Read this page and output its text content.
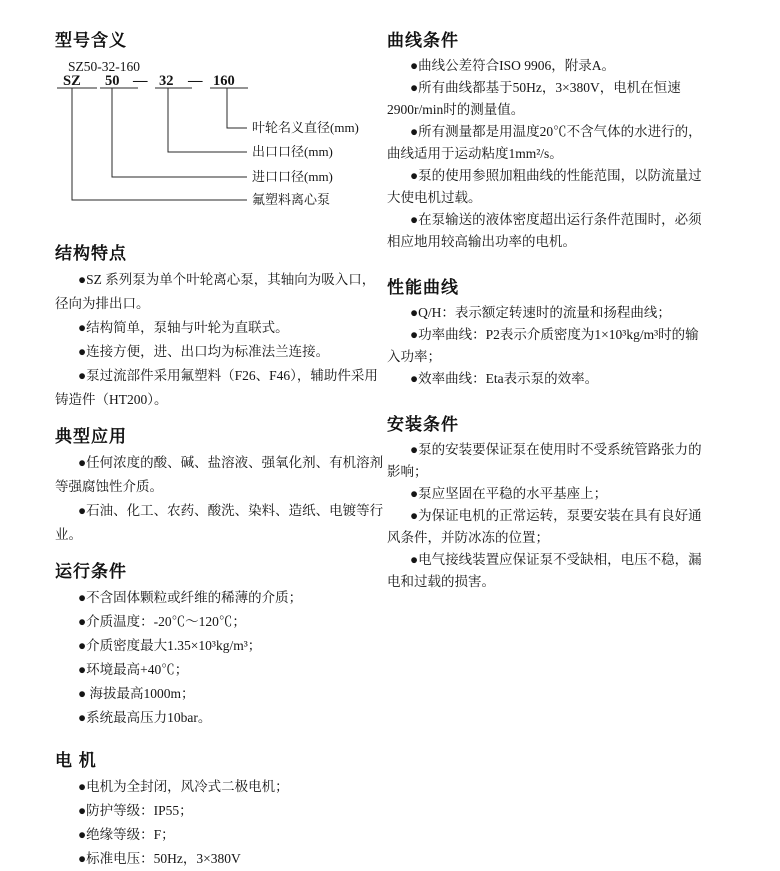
型号含义
SZ50-32-160
SZ 50 — 32 — 160
叶轮名义直径(mm)
出口口径(mm)
进口口径(mm)
氟塑料离心泵
结构特点

●SZ 系列泵为单个叶轮离心泵，其轴向为吸入口，径向为排出口。

●结构简单，泵轴与叶轮为直联式。

●连接方便，进、出口均为标准法兰连接。

●泵过流部件采用氟塑料（F26、F46），辅助件采用铸造件（HT200）。

典型应用

●任何浓度的酸、碱、盐溶液、强氧化剂、有机溶剂等强腐蚀性介质。

●石油、化工、农药、酸洗、染料、造纸、电镀等行业。

运行条件

●不含固体颗粒或纤维的稀薄的介质；

●介质温度：-20℃～120℃；

●介质密度最大1.35×10³kg/m³；

●环境最高+40℃；

● 海拔最高1000m；

●系统最高压力10bar。

电 机

●电机为全封闭，风冷式二极电机；

●防护等级：IP55；

●绝缘等级：F；

●标准电压：50Hz，3×380V

曲线条件

●曲线公差符合ISO 9906，附录A。

●所有曲线都基于50Hz，3×380V，电机在恒速2900r/min时的测量值。

●所有测量都是用温度20℃不含气体的水进行的，曲线适用于运动粘度1mm²/s。

●泵的使用参照加粗曲线的性能范围，以防流量过大使电机过载。

●在泵输送的液体密度超出运行条件范围时，必须相应地用较高输出功率的电机。

性能曲线

●Q/H：表示额定转速时的流量和扬程曲线；

●功率曲线：P2表示介质密度为1×10³kg/m³时的输入功率；

●效率曲线：Eta表示泵的效率。

安装条件

●泵的安装要保证泵在使用时不受系统管路张力的影响；

●泵应坚固在平稳的水平基座上；

●为保证电机的正常运转，泵要安装在具有良好通风条件，并防冰冻的位置；

●电气接线装置应保证泵不受缺相，电压不稳，漏电和过载的损害。
